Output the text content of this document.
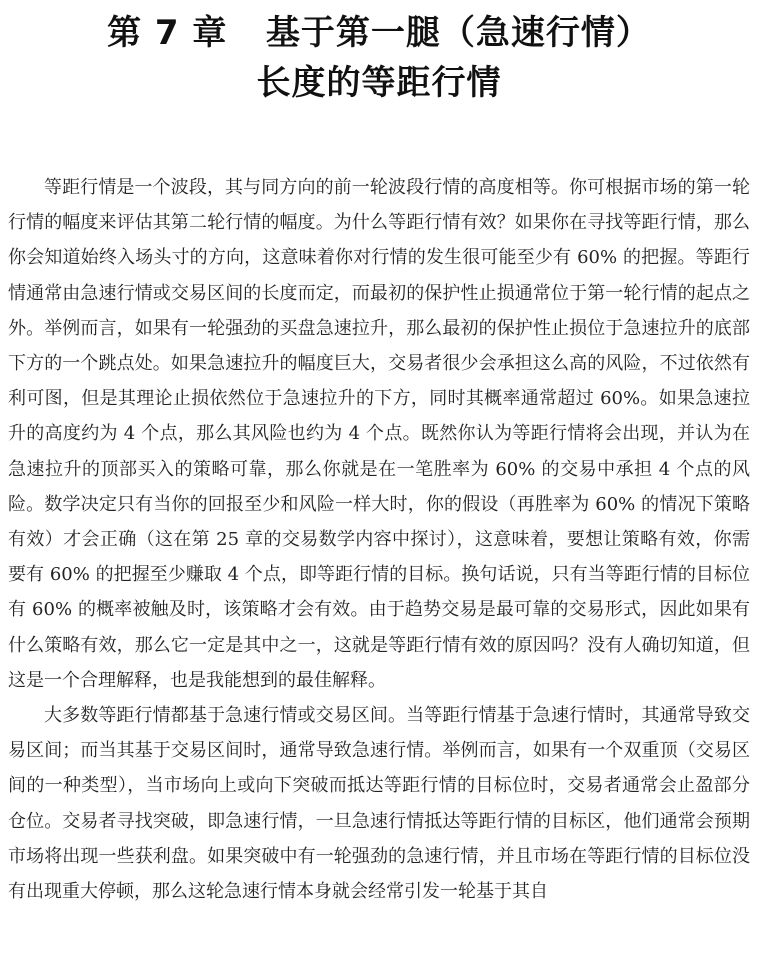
第 7 章   基于第一腿（急速行情）
长度的等距行情

等距行情是一个波段，其与同方向的前一轮波段行情的高度相等。你可根据市场的第一轮行情的幅度来评估其第二轮行情的幅度。为什么等距行情有效？如果你在寻找等距行情，那么你会知道始终入场头寸的方向，这意味着你对行情的发生很可能至少有 60% 的把握。等距行情通常由急速行情或交易区间的长度而定，而最初的保护性止损通常位于第一轮行情的起点之外。举例而言，如果有一轮强劲的买盘急速拉升，那么最初的保护性止损位于急速拉升的底部下方的一个跳点处。如果急速拉升的幅度巨大，交易者很少会承担这么高的风险，不过依然有利可图，但是其理论止损依然位于急速拉升的下方，同时其概率通常超过 60%。如果急速拉升的高度约为 4 个点，那么其风险也约为 4 个点。既然你认为等距行情将会出现，并认为在急速拉升的顶部买入的策略可靠，那么你就是在一笔胜率为 60% 的交易中承担 4 个点的风险。数学决定只有当你的回报至少和风险一样大时，你的假设（再胜率为 60% 的情况下策略有效）才会正确（这在第 25 章的交易数学内容中探讨），这意味着，要想让策略有效，你需要有 60% 的把握至少赚取 4 个点，即等距行情的目标。换句话说，只有当等距行情的目标位有 60% 的概率被触及时，该策略才会有效。由于趋势交易是最可靠的交易形式，因此如果有什么策略有效，那么它一定是其中之一，这就是等距行情有效的原因吗？没有人确切知道，但这是一个合理解释，也是我能想到的最佳解释。

大多数等距行情都基于急速行情或交易区间。当等距行情基于急速行情时，其通常导致交易区间；而当其基于交易区间时，通常导致急速行情。举例而言，如果有一个双重顶（交易区间的一种类型），当市场向上或向下突破而抵达等距行情的目标位时，交易者通常会止盈部分仓位。交易者寻找突破，即急速行情，一旦急速行情抵达等距行情的目标区，他们通常会预期市场将出现一些获利盘。如果突破中有一轮强劲的急速行情，并且市场在等距行情的目标位没有出现重大停顿，那么这轮急速行情本身就会经常引发一轮基于其自
